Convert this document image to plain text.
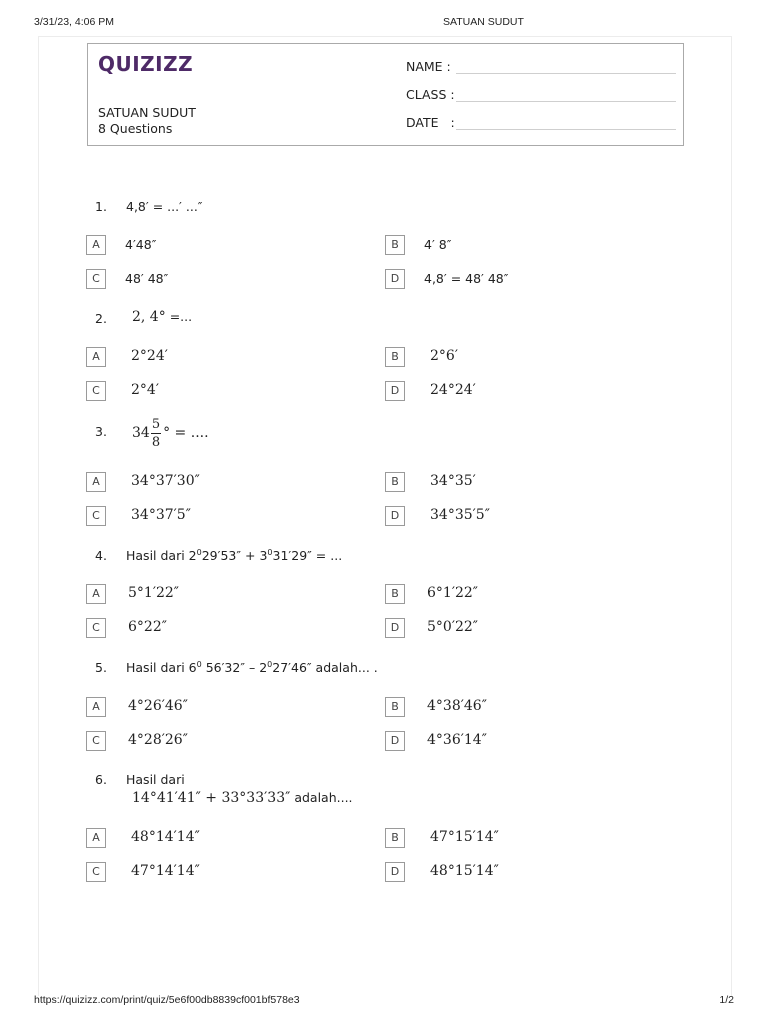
3/31/23, 4:06 PM	SATUAN SUDUT
QUIZIZZ
SATUAN SUDUT
8 Questions
NAME :
CLASS :
DATE   :
1. 4,8′ = ...′ ...″
A	4′48″	B	4′ 8″
C	48′ 48″	D	4,8′ = 48′ 48″
2.	2, 4° =...
A	2°24′	B	2°6′
C	2°4′	D	24°24′
3.	$34 \frac{5}{8}$ ° = ....
A	34°37′30″	B	34°35′
C	34°37′5″	D	34°35′5″
4. Hasil dari $2^029'53'' + 3^031'29''$ = ...
A	5°1′22″	B	6°1′22″
C	6°22″	D	5°0′22″
5. Hasil dari $6^0$ $56'32'' - 2^027'46''$ adalah... .
A	4°26′46″	B	4°38′46″
C	4°28′26″	D	4°36′14″
6. Hasil dari
14°41′41″ + 33°33′33″ adalah....
A	48°14′14″	B	47°15′14″
C	47°14′14″	D	48°15′14″
https://quizizz.com/print/quiz/5e6f00db8839cf001bf578e3	1/2
